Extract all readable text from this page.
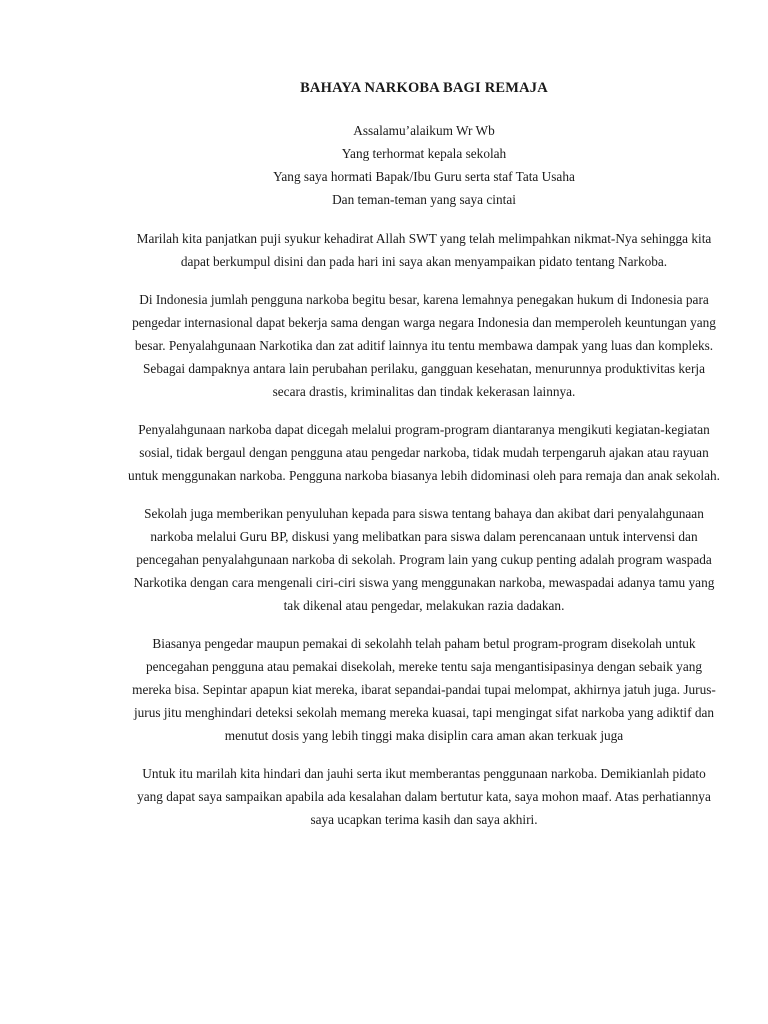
BAHAYA NARKOBA BAGI REMAJA
Assalamu’alaikum Wr Wb
Yang terhormat kepala sekolah
Yang saya hormati Bapak/Ibu Guru serta staf Tata Usaha
Dan teman-teman yang saya cintai

Marilah kita panjatkan puji syukur kehadirat Allah SWT yang telah melimpahkan nikmat-Nya sehingga kita dapat berkumpul disini dan pada hari ini saya akan menyampaikan pidato tentang Narkoba.

Di Indonesia jumlah pengguna narkoba begitu besar, karena lemahnya penegakan hukum di Indonesia para pengedar internasional dapat bekerja sama dengan warga negara Indonesia dan memperoleh keuntungan yang besar. Penyalahgunaan Narkotika dan zat aditif lainnya itu tentu membawa dampak yang luas dan kompleks. Sebagai dampaknya antara lain perubahan perilaku, gangguan kesehatan, menurunnya produktivitas kerja secara drastis, kriminalitas dan tindak kekerasan lainnya.

Penyalahgunaan narkoba dapat dicegah melalui program-program diantaranya mengikuti kegiatan-kegiatan sosial, tidak bergaul dengan pengguna atau pengedar narkoba, tidak mudah terpengaruh ajakan atau rayuan untuk menggunakan narkoba. Pengguna narkoba biasanya lebih didominasi oleh para remaja dan anak sekolah.

Sekolah juga memberikan penyuluhan kepada para siswa tentang bahaya dan akibat dari penyalahgunaan narkoba melalui Guru BP, diskusi yang melibatkan para siswa dalam perencanaan untuk intervensi dan pencegahan penyalahgunaan narkoba di sekolah. Program lain yang cukup penting adalah program waspada Narkotika dengan cara mengenali ciri-ciri siswa yang menggunakan narkoba, mewaspadai adanya tamu yang tak dikenal atau pengedar, melakukan razia dadakan.

Biasanya pengedar maupun pemakai di sekolahh telah paham betul program-program disekolah untuk pencegahan pengguna atau pemakai disekolah, mereke tentu saja mengantisipasinya dengan sebaik yang mereka bisa. Sepintar apapun kiat mereka, ibarat sepandai-pandai tupai melompat, akhirnya jatuh juga. Jurus-jurus jitu menghindari deteksi sekolah memang mereka kuasai, tapi mengingat sifat narkoba yang adiktif dan menutut dosis yang lebih tinggi maka disiplin cara aman akan terkuak juga

Untuk itu marilah kita hindari dan jauhi serta ikut memberantas penggunaan narkoba. Demikianlah pidato yang dapat saya sampaikan apabila ada kesalahan dalam bertutur kata, saya mohon maaf. Atas perhatiannya saya ucapkan terima kasih dan saya akhiri.
